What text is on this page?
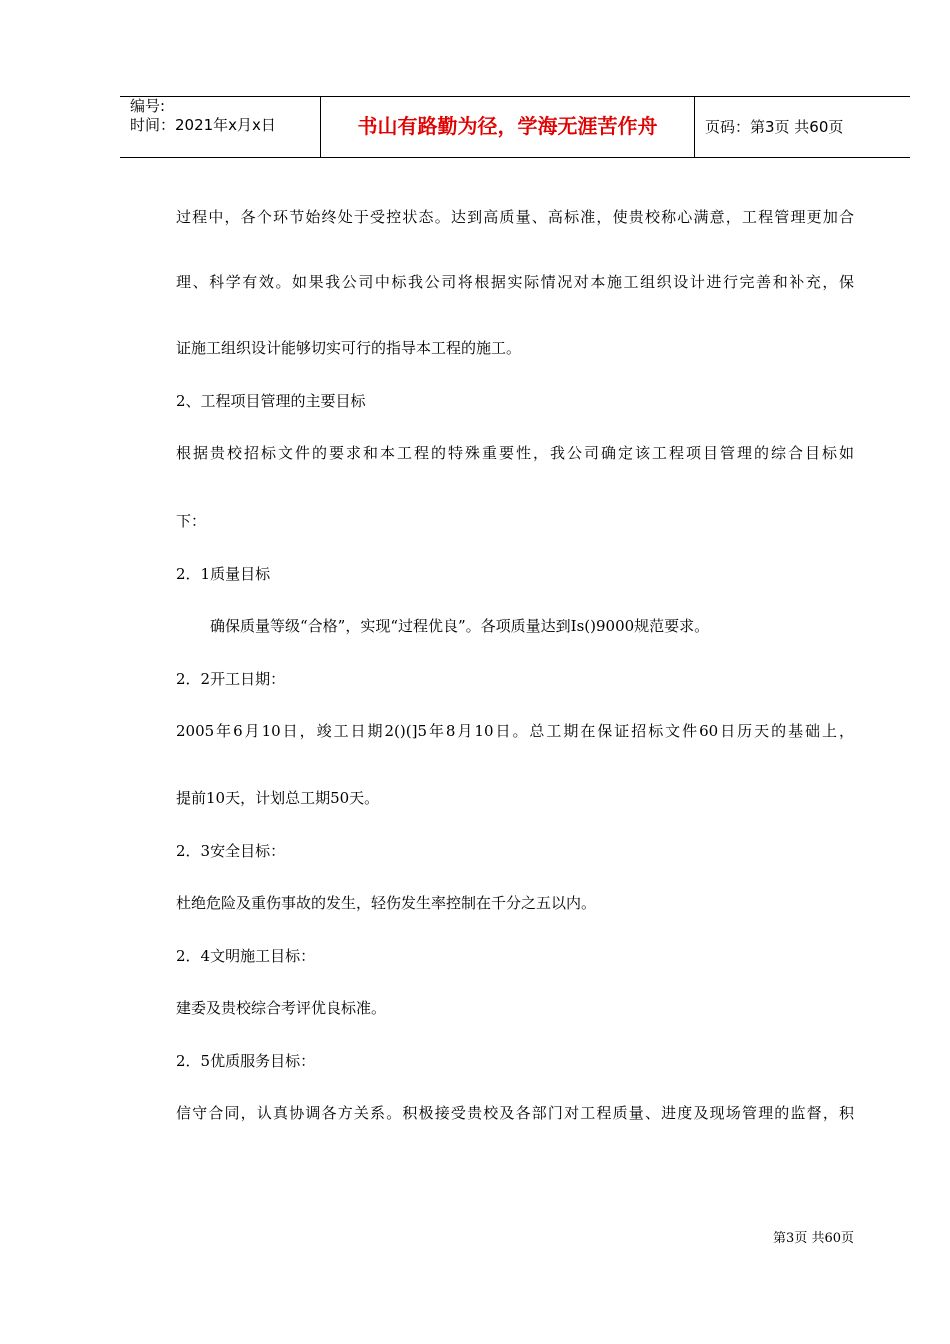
编号:
时间：2021年x月x日	书山有路勤为径，学海无涯苦作舟	页码：第3页 共60页
过程中，各个环节始终处于受控状态。达到高质量、高标准，使贵校称心满意，工程管理更加合
理、科学有效。如果我公司中标我公司将根据实际情况对本施工组织设计进行完善和补充，保
证施工组织设计能够切实可行的指导本工程的施工。
2、工程项目管理的主要目标
根据贵校招标文件的要求和本工程的特殊重要性，我公司确定该工程项目管理的综合目标如
下：
2．1质量目标
确保质量等级“合格”，实现“过程优良”。各项质量达到Is()9000规范要求。
2．2开工日期：
2005年6月10日，竣工日期2()(]5年8月10日。总工期在保证招标文件60日历天的基础上，
提前10天，计划总工期50天。
2．3安全目标：
杜绝危险及重伤事故的发生，轻伤发生率控制在千分之五以内。
2．4文明施工目标：
建委及贵校综合考评优良标准。
2．5优质服务目标：
信守合同，认真协调各方关系。积极接受贵校及各部门对工程质量、进度及现场管理的监督，积
第3页 共60页
